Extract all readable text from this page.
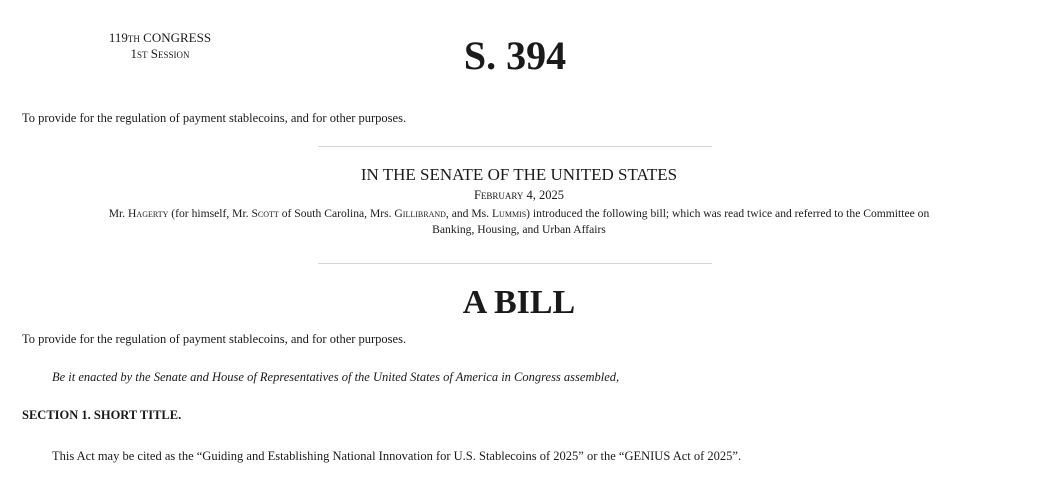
119th CONGRESS
1st Session	S. 394
To provide for the regulation of payment stablecoins, and for other purposes.
IN THE SENATE OF THE UNITED STATES
February 4, 2025
Mr. Hagerty (for himself, Mr. Scott of South Carolina, Mrs. Gillibrand, and Ms. Lummis) introduced the following bill; which was read twice and referred to the Committee on
Banking, Housing, and Urban Affairs
A BILL
To provide for the regulation of payment stablecoins, and for other purposes.
Be it enacted by the Senate and House of Representatives of the United States of America in Congress assembled,
SECTION 1. SHORT TITLE.
This Act may be cited as the “Guiding and Establishing National Innovation for U.S. Stablecoins of 2025” or the “GENIUS Act of 2025”.
